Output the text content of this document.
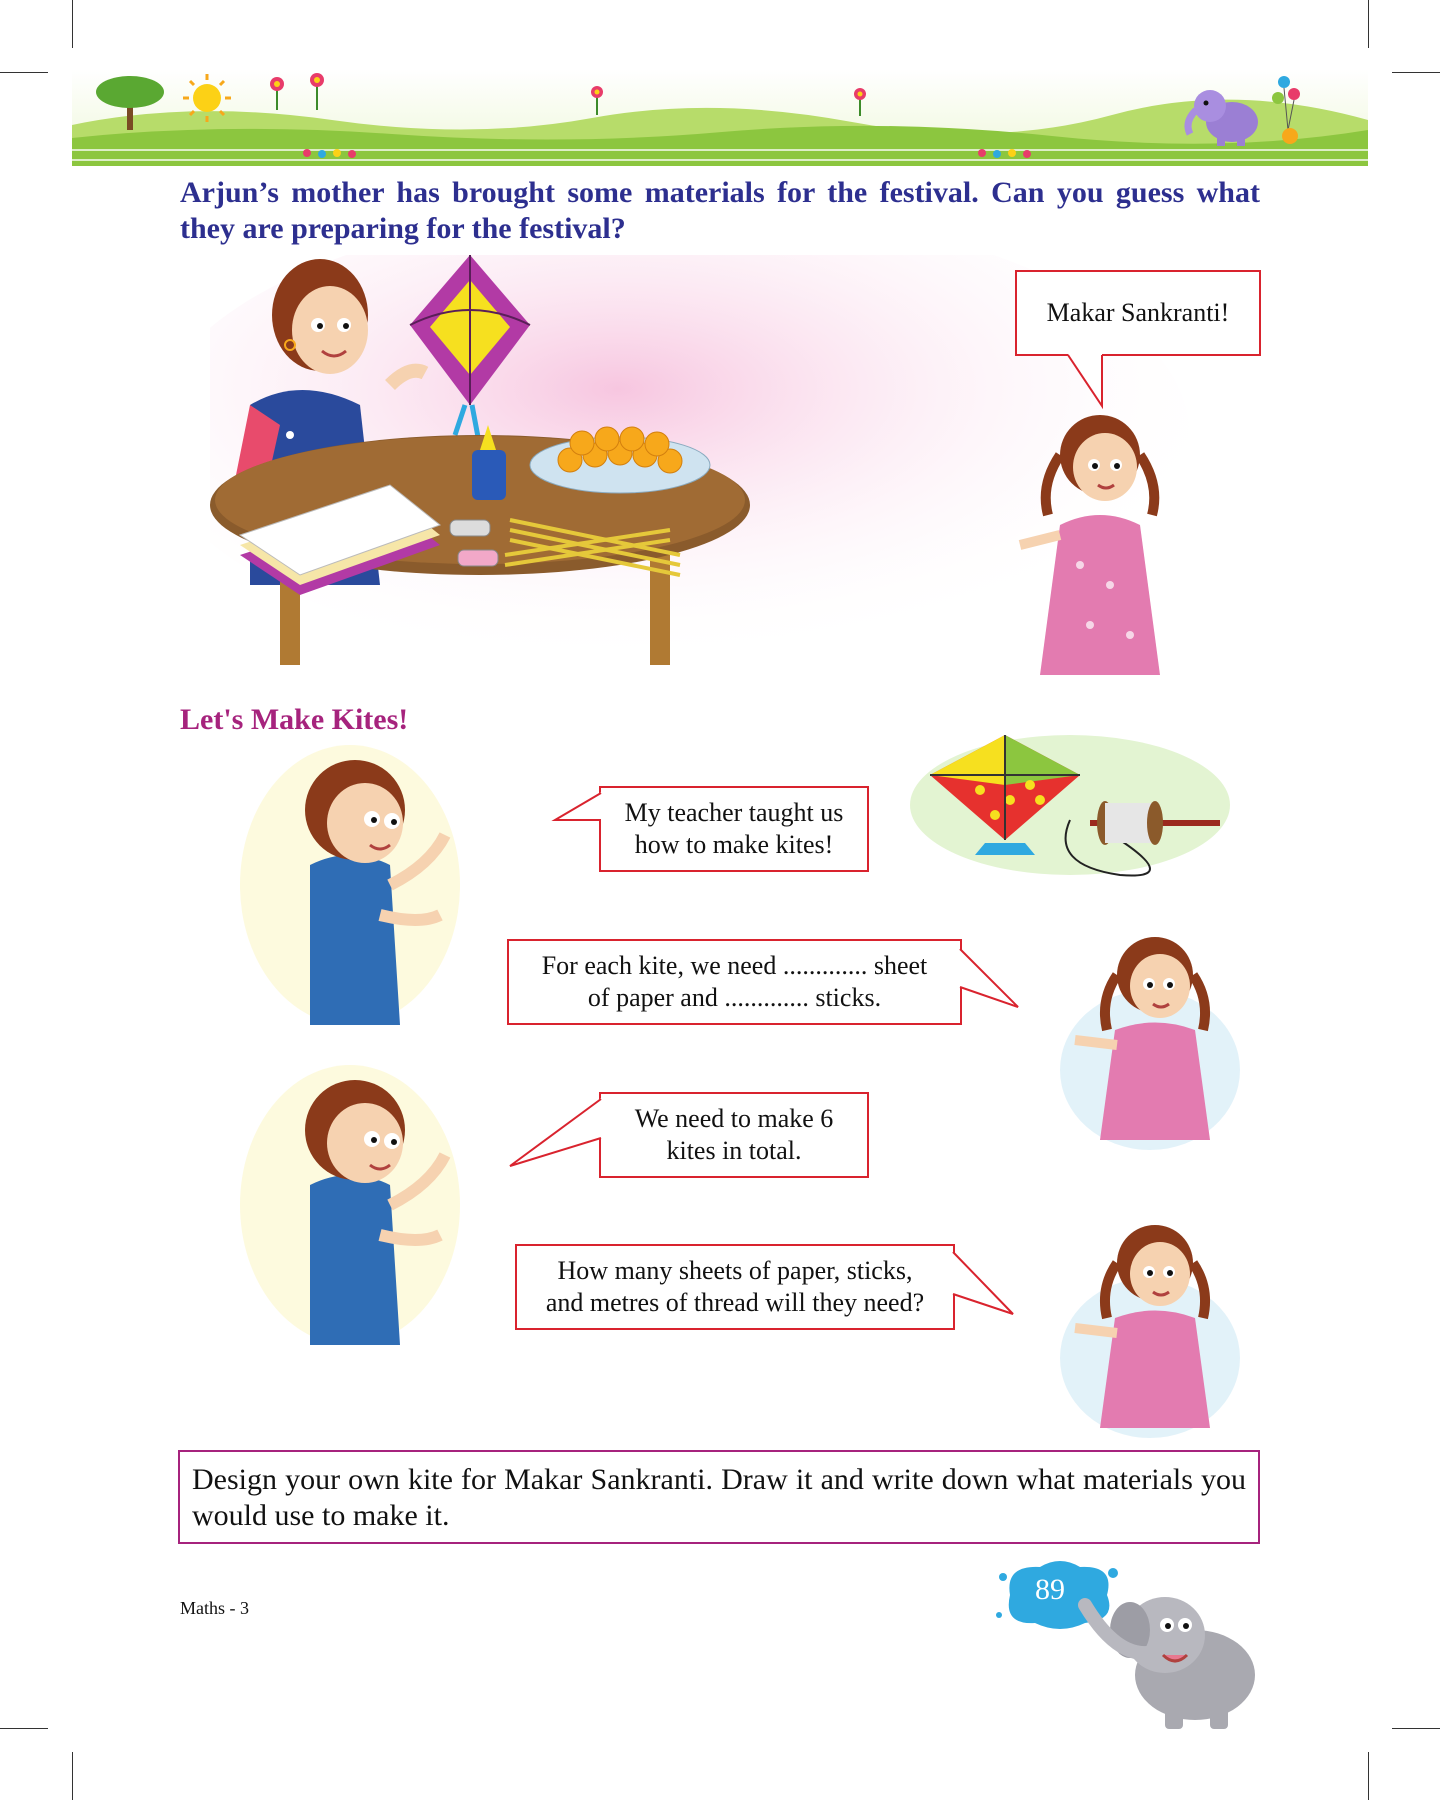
Arjun’s mother has brought some materials for the festival. Can you guess what they are preparing for the festival?
Makar Sankranti!
Let's Make Kites!
My teacher taught us
how to make kites!
For each kite, we need ............. sheet
of paper and ............. sticks.
We need to make 6
kites in total.
How many sheets of paper, sticks,
and metres of thread will they need?
Design your own kite for Makar Sankranti. Draw it and write down what materials you would use to make it.
Maths - 3
89
